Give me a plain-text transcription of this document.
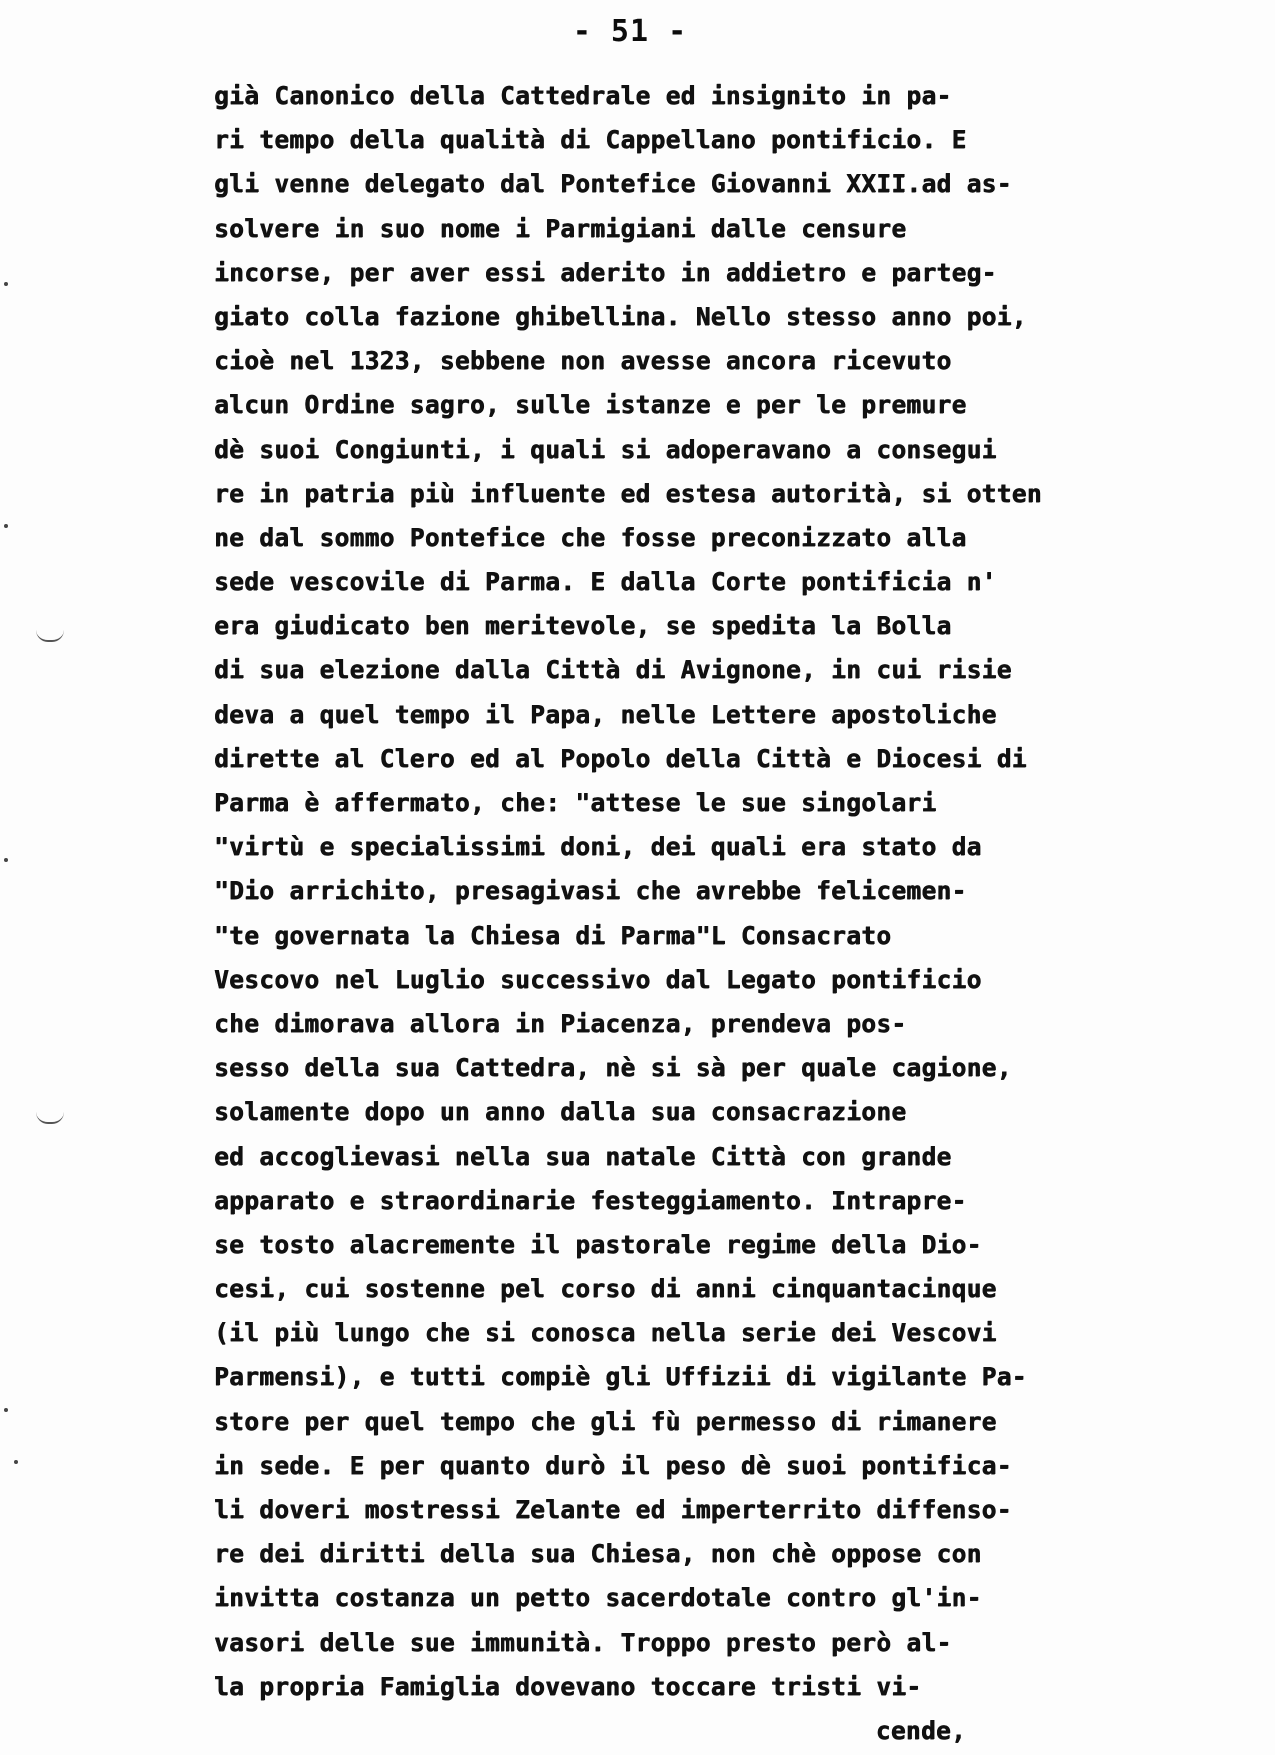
- 51 -
già Canonico della Cattedrale ed insignito in pa-
ri tempo della qualità di Cappellano pontificio. E
gli venne delegato dal Pontefice Giovanni XXII.ad as-
solvere in suo nome i Parmigiani dalle censure
incorse, per aver essi aderito in addietro e parteg-
giato colla fazione ghibellina. Nello stesso anno poi,
cioè nel 1323, sebbene non avesse ancora ricevuto
alcun Ordine sagro, sulle istanze e per le premure
dè suoi Congiunti, i quali si adoperavano a consegui
re in patria più influente ed estesa autorità, si otten
ne dal sommo Pontefice che fosse preconizzato alla
sede vescovile di Parma. E dalla Corte pontificia n'
era giudicato ben meritevole, se spedita la Bolla
di sua elezione dalla Città di Avignone, in cui risie
deva a quel tempo il Papa, nelle Lettere apostoliche
dirette al Clero ed al Popolo della Città e Diocesi di
Parma è affermato, che: "attese le sue singolari
"virtù e specialissimi doni, dei quali era stato da
"Dio arrichito, presagivasi che avrebbe felicemen-
"te governata la Chiesa di Parma"L Consacrato
Vescovo nel Luglio successivo dal Legato pontificio
che dimorava allora in Piacenza, prendeva pos-
sesso della sua Cattedra, nè si sà per quale cagione,
solamente dopo un anno dalla sua consacrazione
ed accoglievasi nella sua natale Città con grande
apparato e straordinarie festeggiamento. Intrapre-
se tosto alacremente il pastorale regime della Dio-
cesi, cui sostenne pel corso di anni cinquantacinque
(il più lungo che si conosca nella serie dei Vescovi
Parmensi), e tutti compiè gli Uffizii di vigilante Pa-
store per quel tempo che gli fù permesso di rimanere
in sede. E per quanto durò il peso dè suoi pontifica-
li doveri mostressi Zelante ed imperterrito diffenso-
re dei diritti della sua Chiesa, non chè oppose con
invitta costanza un petto sacerdotale contro gl'in-
vasori delle sue immunità. Troppo presto però al-
la propria Famiglia dovevano toccare tristi vi-
cende,
